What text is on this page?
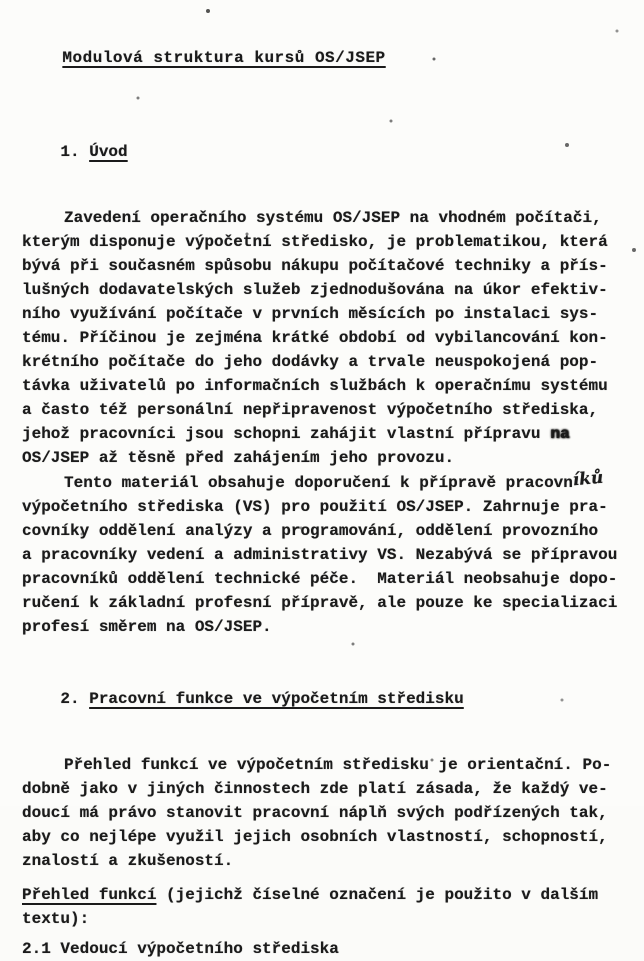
Modulová struktura kursů OS/JSEP

1. Úvod

Zavedení operačního systému OS/JSEP na vhodném počítači,
kterým disponuje výpočetní středisko, je problematikou, která
bývá při současném spůsobu nákupu počítačové techniky a přís-
lušných dodavatelských služeb zjednodušována na úkor efektiv-
ního využívání počítače v prvních měsících po instalaci sys-
tému. Příčinou je zejména krátké období od vybilancování kon-
krétního počítače do jeho dodávky a trvale neuspokojená pop-
távka uživatelů po informačních službách k operačnímu systému
a často též personální nepřipravenost výpočetního střediska,
jehož pracovníci jsou schopni zahájit vlastní přípravu na
OS/JSEP až těsně před zahájením jeho provozu.
Tento materiál obsahuje doporučení k přípravě pracovníků
výpočetního střediska (VS) pro použití OS/JSEP. Zahrnuje pra-
covníky oddělení analýzy a programování, oddělení provozního
a pracovníky vedení a administrativy VS. Nezabývá se přípravou
pracovníků oddělení technické péče.  Materiál neobsahuje dopo-
ručení k základní profesní přípravě, ale pouze ke specializaci
profesí směrem na OS/JSEP.

2. Pracovní funkce ve výpočetním středisku

Přehled funkcí ve výpočetním středisku je orientační. Po-
dobně jako v jiných činnostech zde platí zásada, že každý ve-
doucí má právo stanovit pracovní náplň svých podřízených tak,
aby co nejlépe využil jejich osobních vlastností, schopností,
znalostí a zkušeností.
Přehled funkcí (jejichž číselné označení je použito v dalším
textu):
2.1 Vedoucí výpočetního střediska
